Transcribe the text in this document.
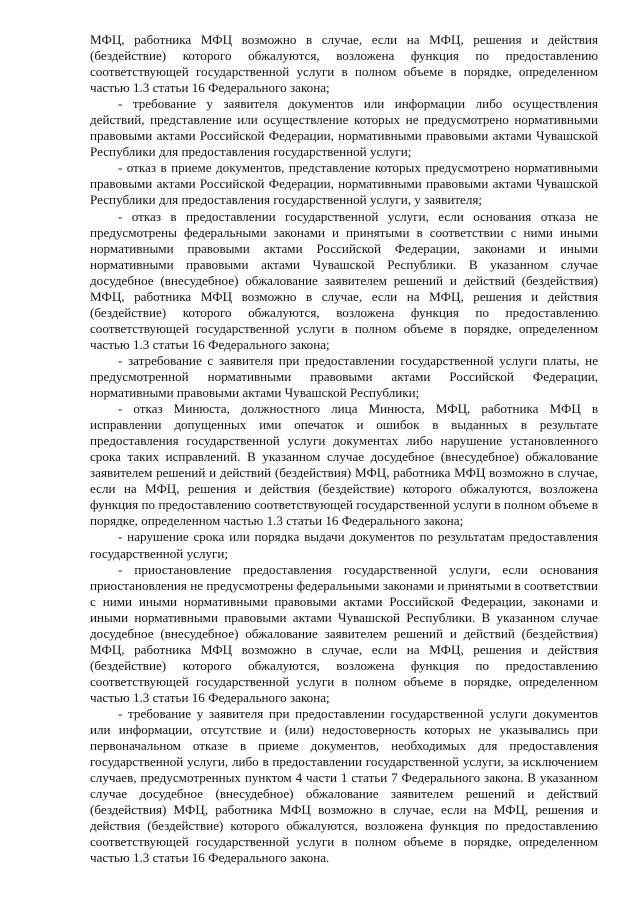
МФЦ, работника МФЦ возможно в случае, если на МФЦ, решения и действия (бездействие) которого обжалуются, возложена функция по предоставлению соответствующей государственной услуги в полном объеме в порядке, определенном частью 1.3 статьи 16 Федерального закона;

- требование у заявителя документов или информации либо осуществления действий, представление или осуществление которых не предусмотрено нормативными правовыми актами Российской Федерации, нормативными правовыми актами Чувашской Республики для предоставления государственной услуги;

- отказ в приеме документов, представление которых предусмотрено нормативными правовыми актами Российской Федерации, нормативными правовыми актами Чувашской Республики для предоставления государственной услуги, у заявителя;

- отказ в предоставлении государственной услуги, если основания отказа не предусмотрены федеральными законами и принятыми в соответствии с ними иными нормативными правовыми актами Российской Федерации, законами и иными нормативными правовыми актами Чувашской Республики. В указанном случае досудебное (внесудебное) обжалование заявителем решений и действий (бездействия) МФЦ, работника МФЦ возможно в случае, если на МФЦ, решения и действия (бездействие) которого обжалуются, возложена функция по предоставлению соответствующей государственной услуги в полном объеме в порядке, определенном частью 1.3 статьи 16 Федерального закона;

- затребование с заявителя при предоставлении государственной услуги платы, не предусмотренной нормативными правовыми актами Российской Федерации, нормативными правовыми актами Чувашской Республики;

- отказ Минюста, должностного лица Минюста, МФЦ, работника МФЦ в исправлении допущенных ими опечаток и ошибок в выданных в результате предоставления государственной услуги документах либо нарушение установленного срока таких исправлений. В указанном случае досудебное (внесудебное) обжалование заявителем решений и действий (бездействия) МФЦ, работника МФЦ возможно в случае, если на МФЦ, решения и действия (бездействие) которого обжалуются, возложена функция по предоставлению соответствующей государственной услуги в полном объеме в порядке, определенном частью 1.3 статьи 16 Федерального закона;

- нарушение срока или порядка выдачи документов по результатам предоставления государственной услуги;

- приостановление предоставления государственной услуги, если основания приостановления не предусмотрены федеральными законами и принятыми в соответствии с ними иными нормативными правовыми актами Российской Федерации, законами и иными нормативными правовыми актами Чувашской Республики. В указанном случае досудебное (внесудебное) обжалование заявителем решений и действий (бездействия) МФЦ, работника МФЦ возможно в случае, если на МФЦ, решения и действия (бездействие) которого обжалуются, возложена функция по предоставлению соответствующей государственной услуги в полном объеме в порядке, определенном частью 1.3 статьи 16 Федерального закона;

- требование у заявителя при предоставлении государственной услуги документов или информации, отсутствие и (или) недостоверность которых не указывались при первоначальном отказе в приеме документов, необходимых для предоставления государственной услуги, либо в предоставлении государственной услуги, за исключением случаев, предусмотренных пунктом 4 части 1 статьи 7 Федерального закона. В указанном случае досудебное (внесудебное) обжалование заявителем решений и действий (бездействия) МФЦ, работника МФЦ возможно в случае, если на МФЦ, решения и действия (бездействие) которого обжалуются, возложена функция по предоставлению соответствующей государственной услуги в полном объеме в порядке, определенном частью 1.3 статьи 16 Федерального закона.
